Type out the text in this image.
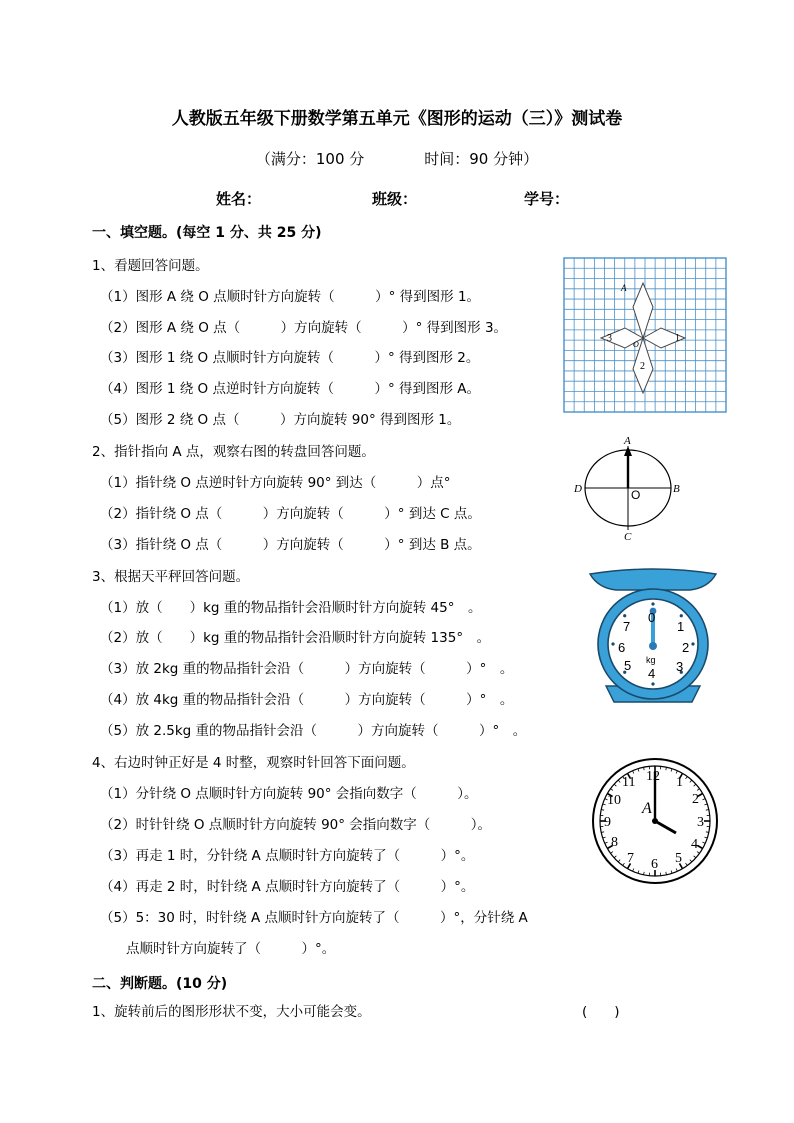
人教版五年级下册数学第五单元《图形的运动（三）》测试卷
（满分：100 分	时间：90 分钟）
姓名：	班级：	学号：
一、填空题。(每空 1 分、共 25 分)
1、看题回答问题。
（1）图形 A 绕 O 点顺时针方向旋转（　　　）° 得到图形 1。
（2）图形 A 绕 O 点（　　　）方向旋转（　　　）° 得到图形 3。
（3）图形 1 绕 O 点顺时针方向旋转（　　　）° 得到图形 2。
（4）图形 1 绕 O 点逆时针方向旋转（　　　）° 得到图形 A。
（5）图形 2 绕 O 点（　　　）方向旋转 90° 得到图形 1。
A
1
2
3
O
2、指针指向 A 点，观察右图的转盘回答问题。
（1）指针绕 O 点逆时针方向旋转 90° 到达（　　　）点°
（2）指针绕 O 点（　　　）方向旋转（　　　）° 到达 C 点。
（3）指针绕 O 点（　　　）方向旋转（　　　）° 到达 B 点。
A
B
C
D	O
3、根据天平秤回答问题。
（1）放（　　）kg 重的物品指针会沿顺时针方向旋转 45°　。
（2）放（　　）kg 重的物品指针会沿顺时针方向旋转 135°　。
（3）放 2kg 重的物品指针会沿（　　　）方向旋转（　　　）°　。
（4）放 4kg 重的物品指针会沿（　　　）方向旋转（　　　）°　。
（5）放 2.5kg 重的物品指针会沿（　　　）方向旋转（　　　）°　。
0
1
2
3
4
5
6
7
kg
4、右边时钟正好是 4 时整，观察时针回答下面问题。
（1）分针绕 O 点顺时针方向旋转 90° 会指向数字（　　　）。
（2）时针针绕 O 点顺时针方向旋转 90° 会指向数字（　　　）。
（3）再走 1 时，分针绕 A 点顺时针方向旋转了（　　　）°。
（4）再走 2 时，时针绕 A 点顺时针方向旋转了（　　　）°。
（5）5：30 时，时针绕 A 点顺时针方向旋转了（　　　）°，分针绕 A
点顺时针方向旋转了（　　　）°。
12 1
2
3
4
5
6
7
8
9
10
11
A
二、判断题。(10 分)
1、旋转前后的图形形状不变，大小可能会变。	(　　)
